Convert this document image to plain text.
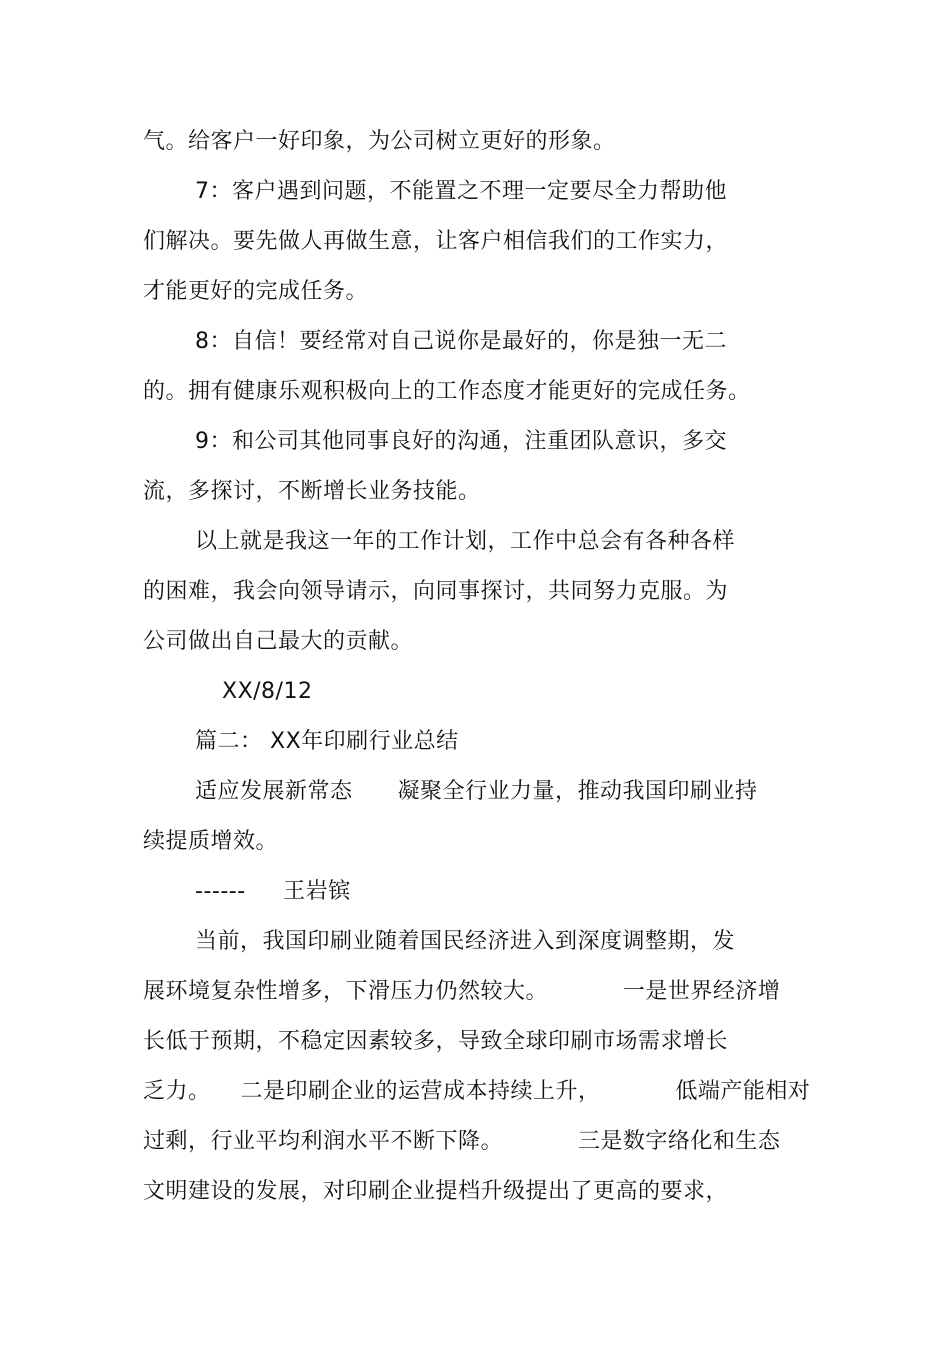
气。给客户一好印象，为公司树立更好的形象。
7：客户遇到问题，不能置之不理一定要尽全力帮助他
们解决。要先做人再做生意，让客户相信我们的工作实力，
才能更好的完成任务。
8：自信！要经常对自己说你是最好的，你是独一无二
的。拥有健康乐观积极向上的工作态度才能更好的完成任务。
9：和公司其他同事良好的沟通，注重团队意识，多交
流，多探讨，不断增长业务技能。
以上就是我这一年的工作计划，工作中总会有各种各样
的困难，我会向领导请示，向同事探讨，共同努力克服。为
公司做出自己最大的贡献。
XX/8/12
篇二： XX年印刷行业总结
适应发展新常态      凝聚全行业力量，推动我国印刷业持
续提质增效。
------     王岩镔
当前，我国印刷业随着国民经济进入到深度调整期，发
展环境复杂性增多，下滑压力仍然较大。          一是世界经济增
长低于预期，不稳定因素较多，导致全球印刷市场需求增长
乏力。    二是印刷企业的运营成本持续上升，          低端产能相对
过剩，行业平均利润水平不断下降。          三是数字络化和生态
文明建设的发展，对印刷企业提档升级提出了更高的要求，
